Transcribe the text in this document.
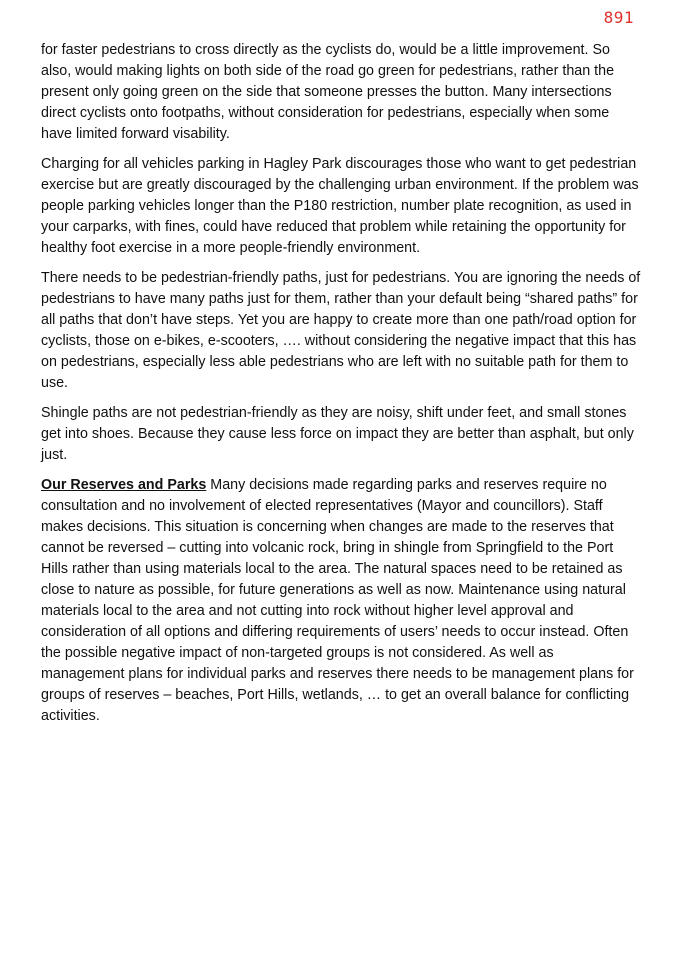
891

for faster pedestrians to cross directly as the cyclists do, would be a little improvement. So also, would making lights on both side of the road go green for pedestrians, rather than the present only going green on the side that someone presses the button. Many intersections direct cyclists onto footpaths, without consideration for pedestrians, especially when some have limited forward visability.

Charging for all vehicles parking in Hagley Park discourages those who want to get pedestrian exercise but are greatly discouraged by the challenging urban environment. If the problem was people parking vehicles longer than the P180 restriction, number plate recognition, as used in your carparks, with fines, could have reduced that problem while retaining the opportunity for healthy foot exercise in a more people-friendly environment.

There needs to be pedestrian-friendly paths, just for pedestrians. You are ignoring the needs of pedestrians to have many paths just for them, rather than your default being “shared paths” for all paths that don’t have steps. Yet you are happy to create more than one path/road option for cyclists, those on e-bikes, e-scooters, …. without considering the negative impact that this has on pedestrians, especially less able pedestrians who are left with no suitable path for them to use.

Shingle paths are not pedestrian-friendly as they are noisy, shift under feet, and small stones get into shoes. Because they cause less force on impact they are better than asphalt, but only just.

Our Reserves and Parks Many decisions made regarding parks and reserves require no consultation and no involvement of elected representatives (Mayor and councillors). Staff makes decisions. This situation is concerning when changes are made to the reserves that cannot be reversed – cutting into volcanic rock, bring in shingle from Springfield to the Port Hills rather than using materials local to the area. The natural spaces need to be retained as close to nature as possible, for future generations as well as now. Maintenance using natural materials local to the area and not cutting into rock without higher level approval and consideration of all options and differing requirements of users’ needs to occur instead. Often the possible negative impact of non-targeted groups is not considered. As well as management plans for individual parks and reserves there needs to be management plans for groups of reserves – beaches, Port Hills, wetlands, … to get an overall balance for conflicting activities.
